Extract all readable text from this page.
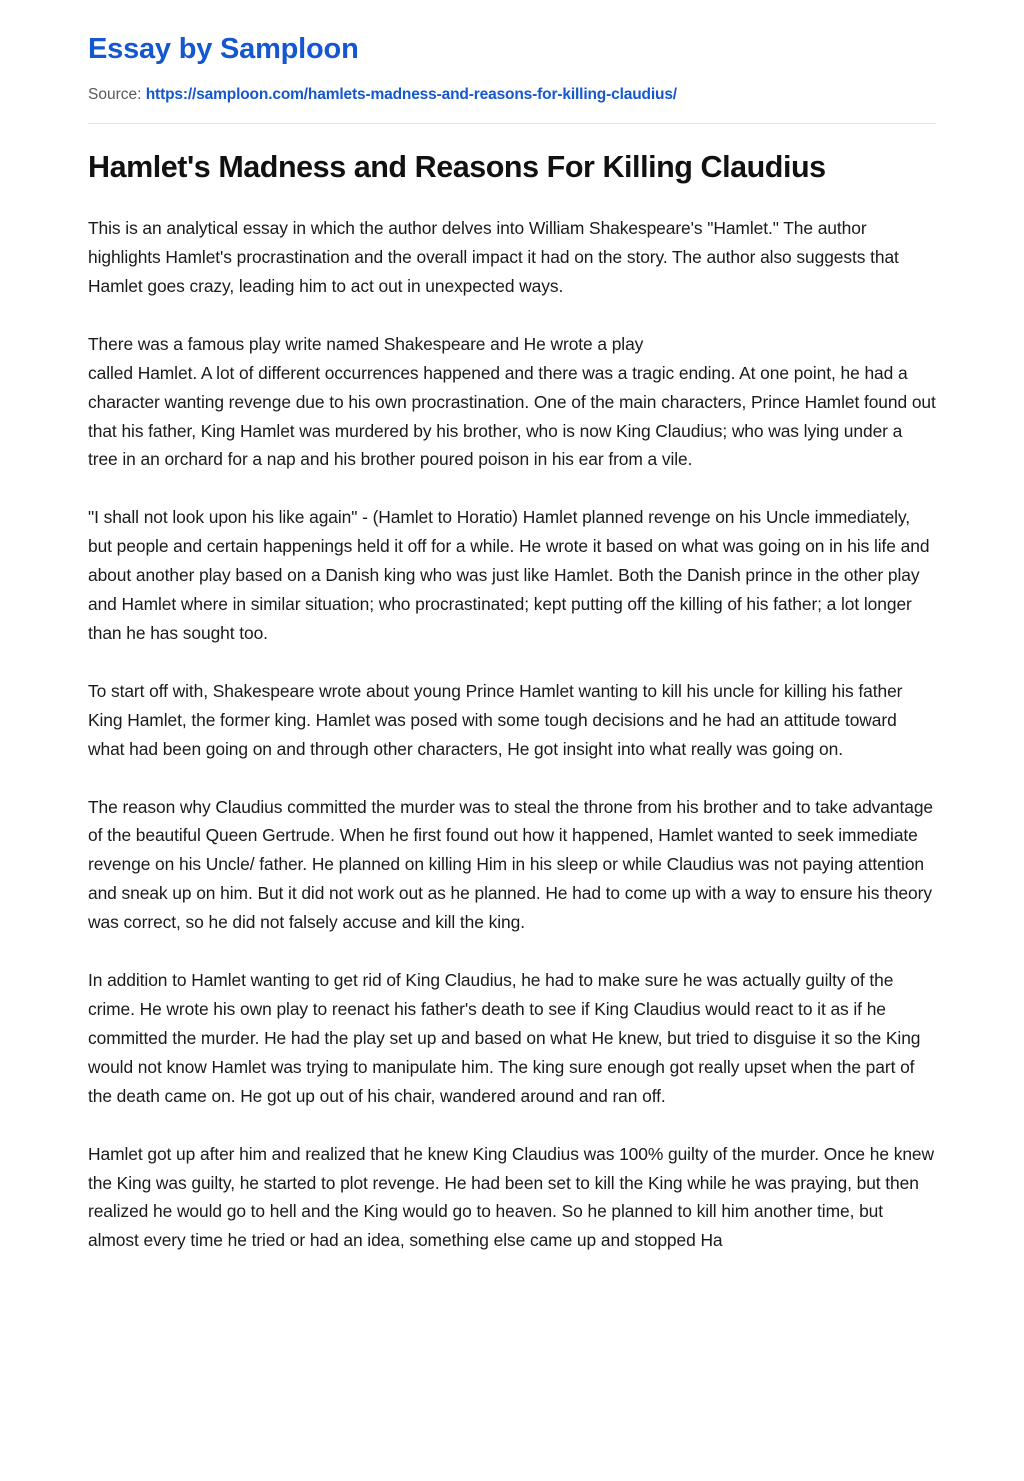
Essay by Samploon
Source: https://samploon.com/hamlets-madness-and-reasons-for-killing-claudius/
Hamlet's Madness and Reasons For Killing Claudius

This is an analytical essay in which the author delves into William Shakespeare's "Hamlet." The author highlights Hamlet's procrastination and the overall impact it had on the story. The author also suggests that Hamlet goes crazy, leading him to act out in unexpected ways.

There was a famous play write named Shakespeare and He wrote a play
called Hamlet. A lot of different occurrences happened and there was a tragic ending. At one point, he had a character wanting revenge due to his own procrastination. One of the main characters, Prince Hamlet found out that his father, King Hamlet was murdered by his brother, who is now King Claudius; who was lying under a tree in an orchard for a nap and his brother poured poison in his ear from a vile.

"I shall not look upon his like again" - (Hamlet to Horatio) Hamlet planned revenge on his Uncle immediately, but people and certain happenings held it off for a while. He wrote it based on what was going on in his life and about another play based on a Danish king who was just like Hamlet. Both the Danish prince in the other play and Hamlet where in similar situation; who procrastinated; kept putting off the killing of his father; a lot longer than he has sought too.

To start off with, Shakespeare wrote about young Prince Hamlet wanting to kill his uncle for killing his father King Hamlet, the former king. Hamlet was posed with some tough decisions and he had an attitude toward what had been going on and through other characters, He got insight into what really was going on.

The reason why Claudius committed the murder was to steal the throne from his brother and to take advantage of the beautiful Queen Gertrude. When he first found out how it happened, Hamlet wanted to seek immediate revenge on his Uncle/ father. He planned on killing Him in his sleep or while Claudius was not paying attention and sneak up on him. But it did not work out as he planned. He had to come up with a way to ensure his theory was correct, so he did not falsely accuse and kill the king.

In addition to Hamlet wanting to get rid of King Claudius, he had to make sure he was actually guilty of the crime. He wrote his own play to reenact his father's death to see if King Claudius would react to it as if he committed the murder. He had the play set up and based on what He knew, but tried to disguise it so the King would not know Hamlet was trying to manipulate him. The king sure enough got really upset when the part of the death came on. He got up out of his chair, wandered around and ran off.

Hamlet got up after him and realized that he knew King Claudius was 100% guilty of the murder. Once he knew the King was guilty, he started to plot revenge. He had been set to kill the King while he was praying, but then realized he would go to hell and the King would go to heaven. So he planned to kill him another time, but almost every time he tried or had an idea, something else came up and stopped Ha
